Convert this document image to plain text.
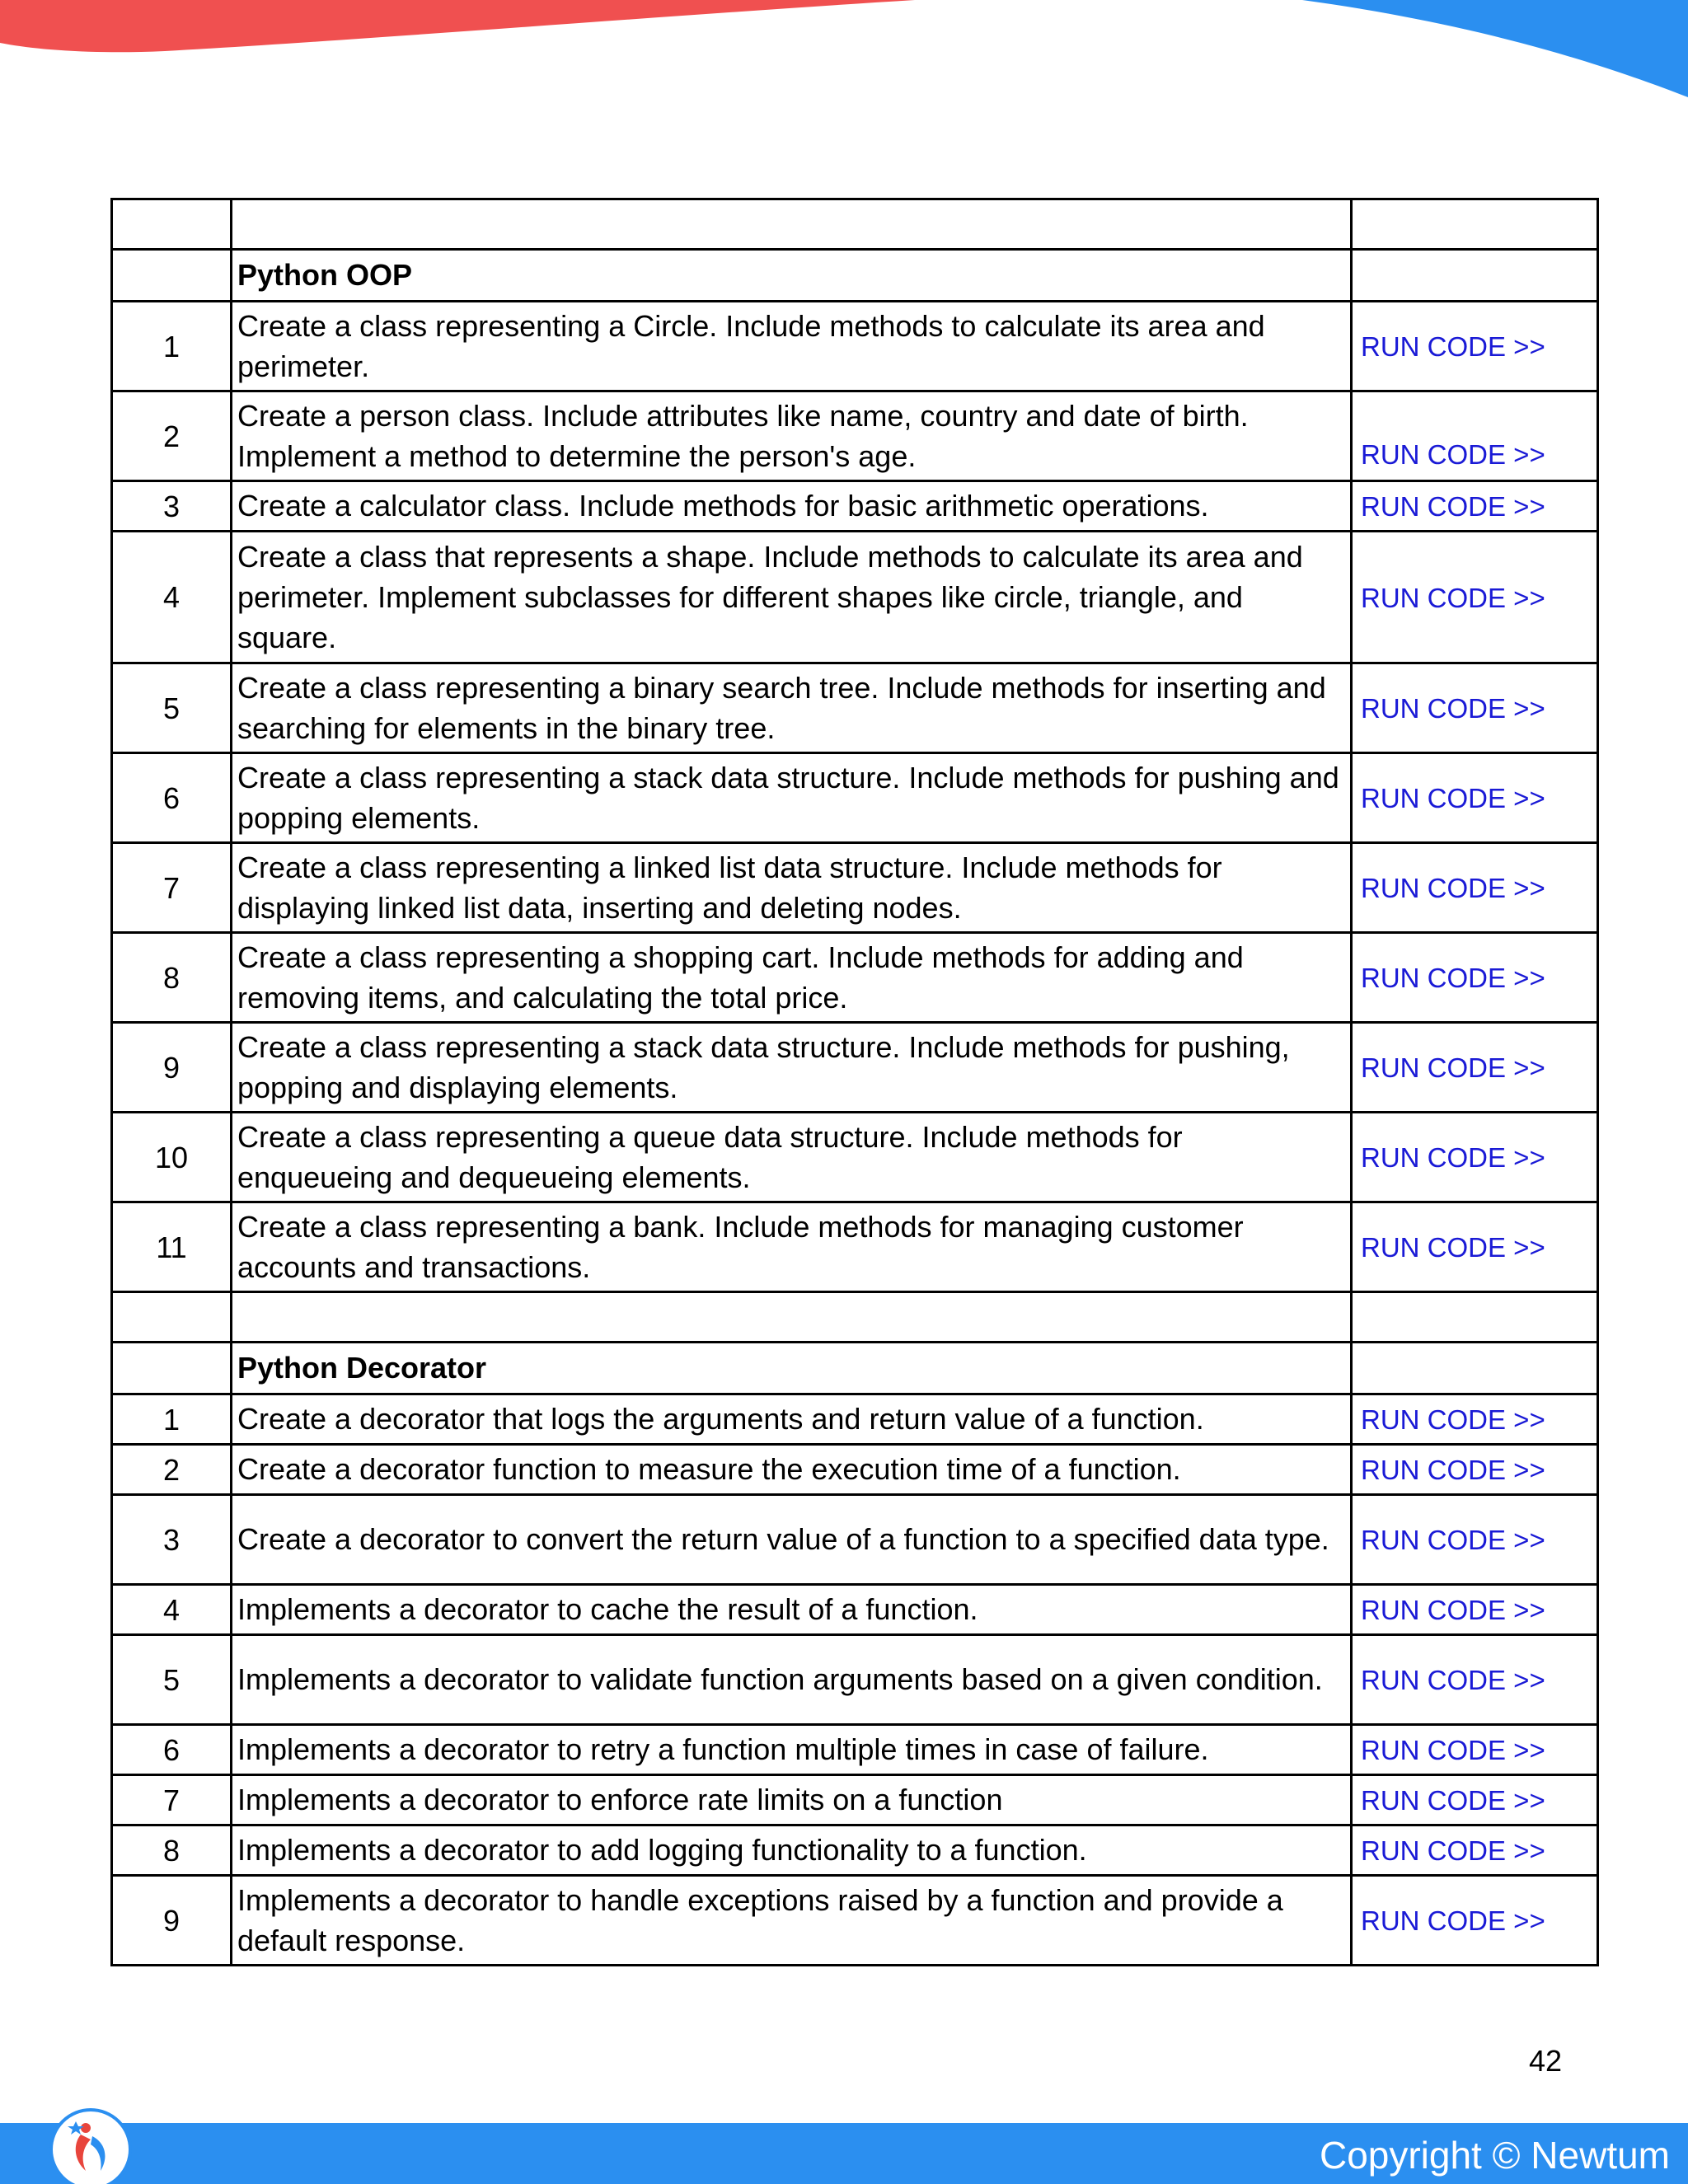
	Python OOP	
1	Create a class representing a Circle. Include methods to calculate its area and perimeter.	RUN CODE >>
2	Create a person class. Include attributes like name, country and date of birth. Implement a method to determine the person's age.	RUN CODE >>
3	Create a calculator class. Include methods for basic arithmetic operations.	RUN CODE >>
4	Create a class that represents a shape. Include methods to calculate its area and perimeter. Implement subclasses for different shapes like circle, triangle, and square.	RUN CODE >>
5	Create a class representing a binary search tree. Include methods for inserting and searching for elements in the binary tree.	RUN CODE >>
6	Create a class representing a stack data structure. Include methods for pushing and popping elements.	RUN CODE >>
7	Create a class representing a linked list data structure. Include methods for displaying linked list data, inserting and deleting nodes.	RUN CODE >>
8	Create a class representing a shopping cart. Include methods for adding and removing items, and calculating the total price.	RUN CODE >>
9	Create a class representing a stack data structure. Include methods for pushing, popping and displaying elements.	RUN CODE >>
10	Create a class representing a queue data structure. Include methods for enqueueing and dequeueing elements.	RUN CODE >>
11	Create a class representing a bank. Include methods for managing customer accounts and transactions.	RUN CODE >>

	Python Decorator	
1	Create a decorator that logs the arguments and return value of a function.	RUN CODE >>
2	Create a decorator function to measure the execution time of a function.	RUN CODE >>
3	Create a decorator to convert the return value of a function to a specified data type.	RUN CODE >>
4	Implements a decorator to cache the result of a function.	RUN CODE >>
5	Implements a decorator to validate function arguments based on a given condition.	RUN CODE >>
6	Implements a decorator to retry a function multiple times in case of failure.	RUN CODE >>
7	Implements a decorator to enforce rate limits on a function	RUN CODE >>
8	Implements a decorator to add logging functionality to a function.	RUN CODE >>
9	Implements a decorator to handle exceptions raised by a function and provide a default response.	RUN CODE >>
42
Copyright © Newtum
